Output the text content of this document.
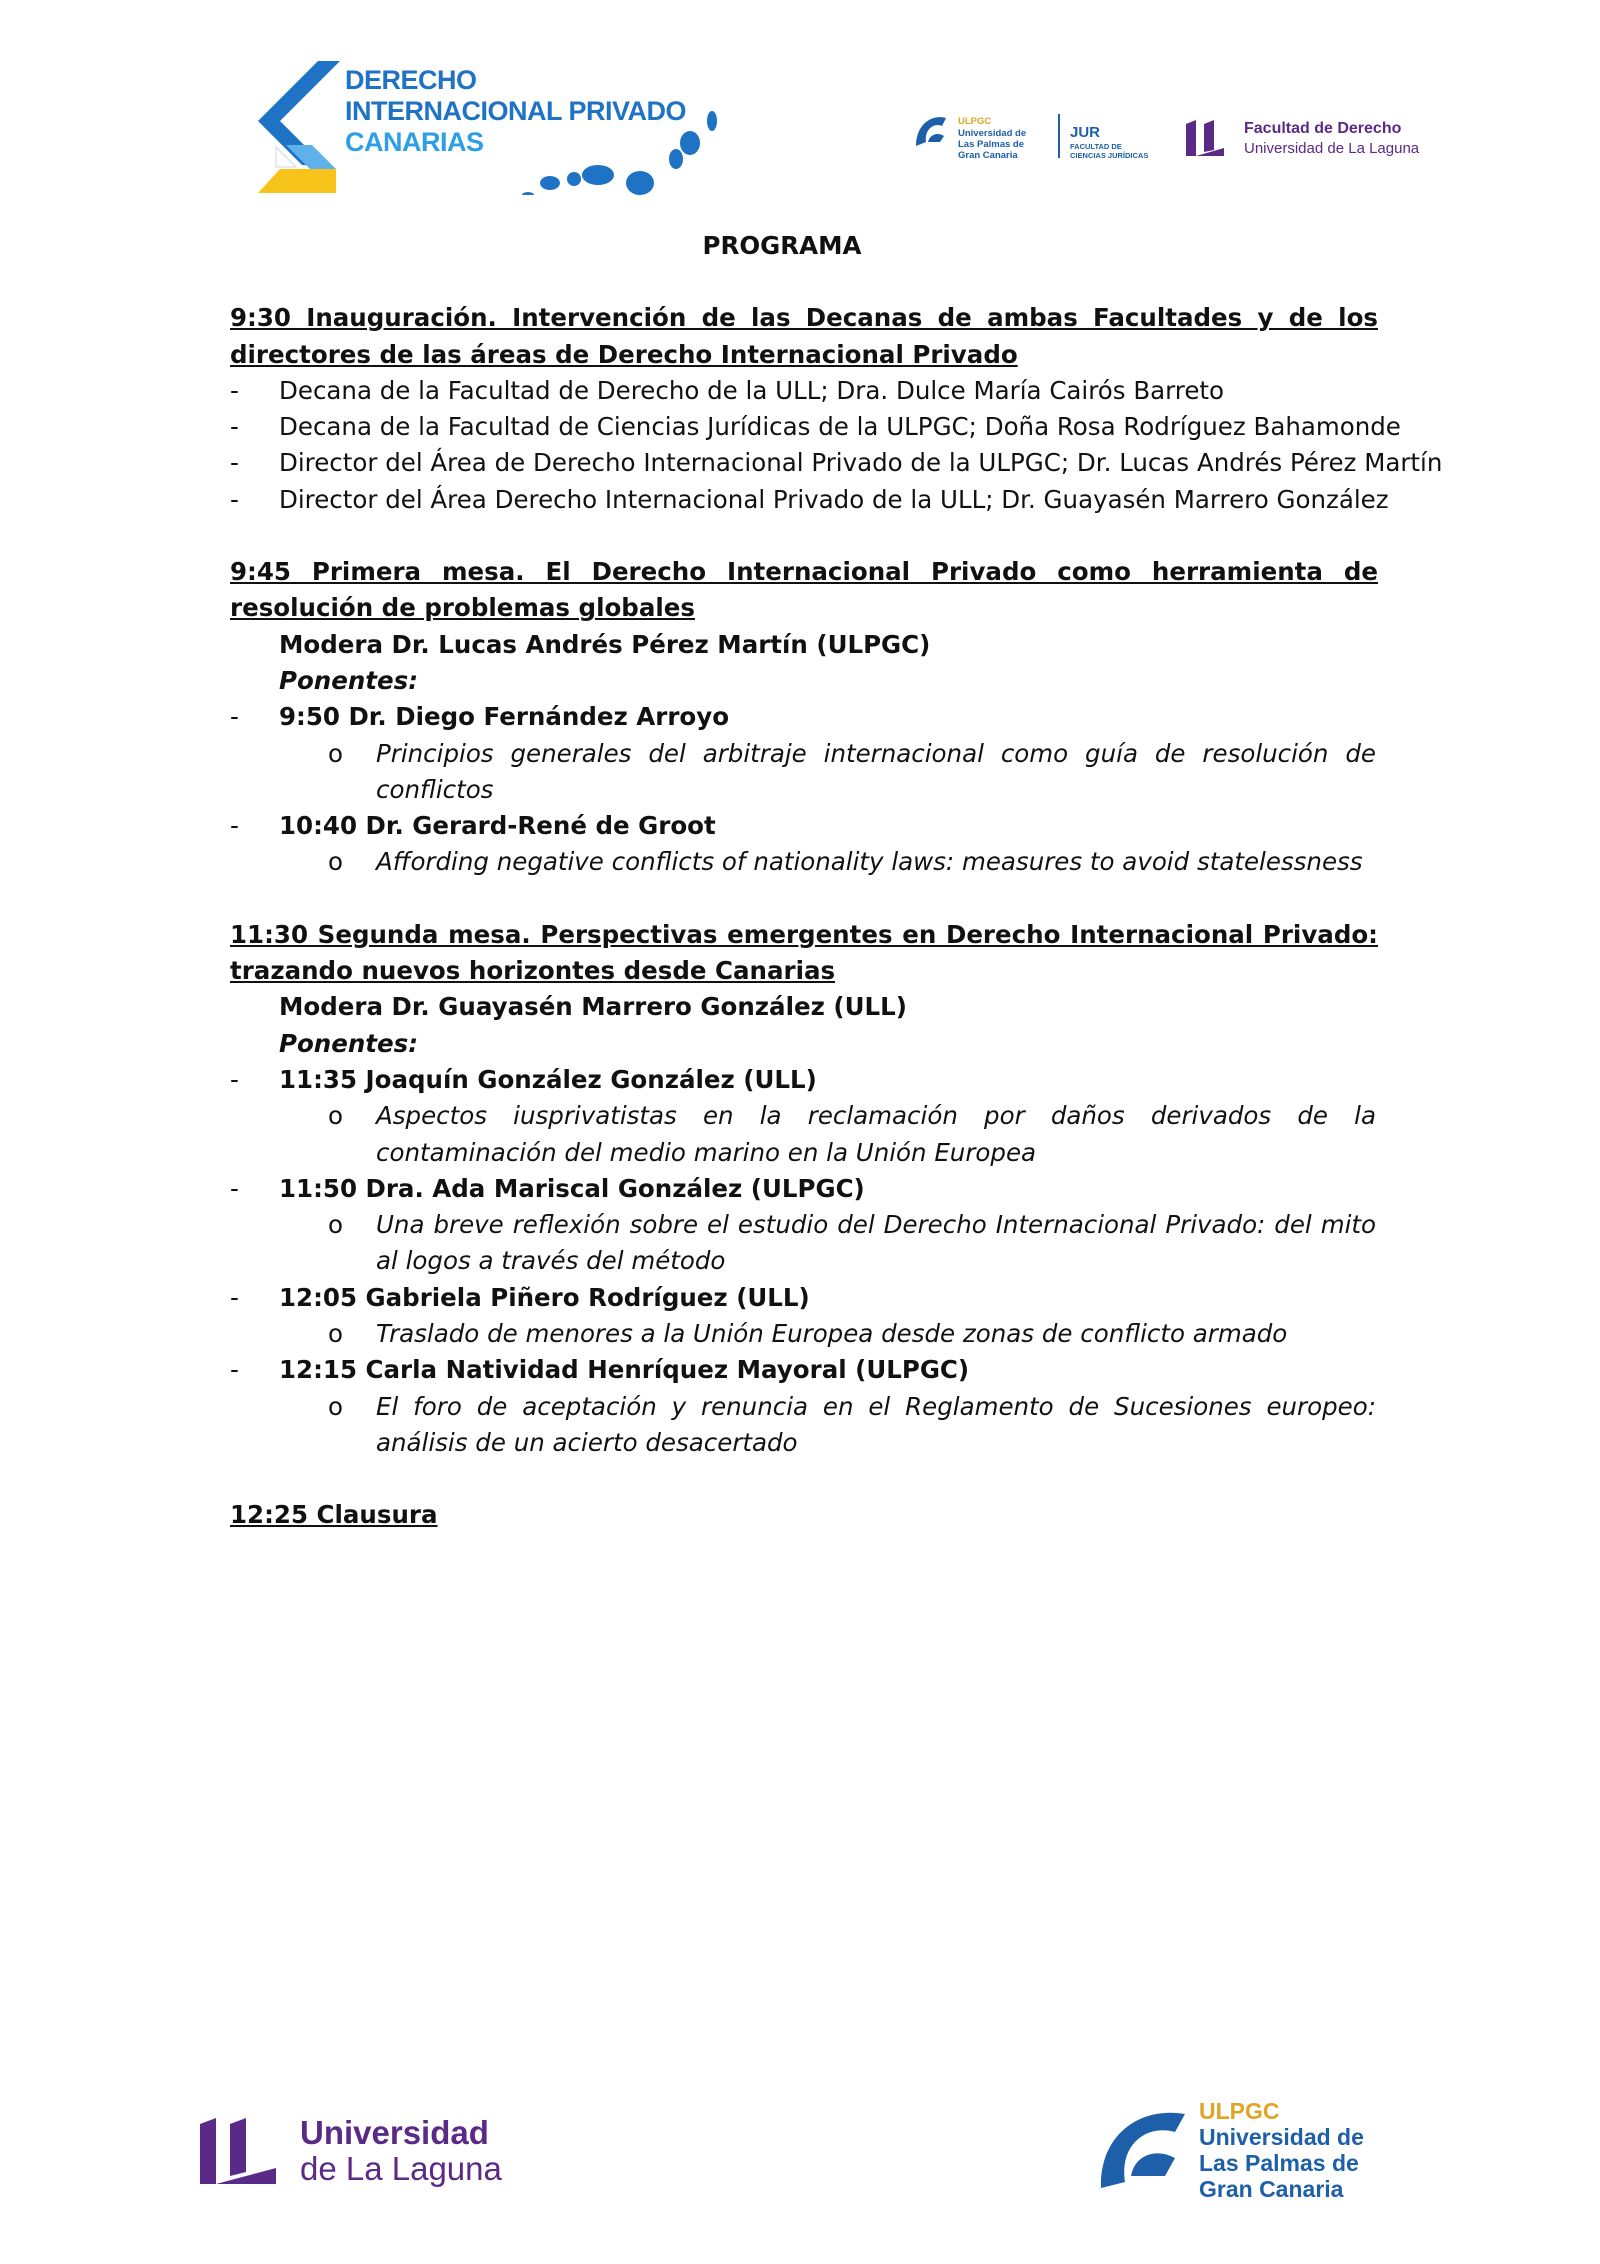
DERECHO
INTERNACIONAL PRIVADO
CANARIAS
ULPGC
Universidad de
Las Palmas de
Gran Canaria
JUR
FACULTAD DE
CIENCIAS JURÍDICAS
Facultad de Derecho
Universidad de La Laguna
PROGRAMA
9:30 Inauguración. Intervención de las Decanas de ambas Facultades y de los directores de las áreas de Derecho Internacional Privado
- Decana de la Facultad de Derecho de la ULL; Dra. Dulce María Cairós Barreto
- Decana de la Facultad de Ciencias Jurídicas de la ULPGC; Doña Rosa Rodríguez Bahamonde
- Director del Área de Derecho Internacional Privado de la ULPGC; Dr. Lucas Andrés Pérez Martín
- Director del Área Derecho Internacional Privado de la ULL; Dr. Guayasén Marrero González
9:45 Primera mesa. El Derecho Internacional Privado como herramienta de resolución de problemas globales
Modera Dr. Lucas Andrés Pérez Martín (ULPGC)
Ponentes:
- 9:50 Dr. Diego Fernández Arroyo
o Principios generales del arbitraje internacional como guía de resolución de conflictos
- 10:40 Dr. Gerard-René de Groot
o Affording negative conflicts of nationality laws: measures to avoid statelessness
11:30 Segunda mesa. Perspectivas emergentes en Derecho Internacional Privado: trazando nuevos horizontes desde Canarias
Modera Dr. Guayasén Marrero González (ULL)
Ponentes:
- 11:35 Joaquín González González (ULL)
o Aspectos iusprivatistas en la reclamación por daños derivados de la contaminación del medio marino en la Unión Europea
- 11:50 Dra. Ada Mariscal González (ULPGC)
o Una breve reflexión sobre el estudio del Derecho Internacional Privado: del mito al logos a través del método
- 12:05 Gabriela Piñero Rodríguez (ULL)
o Traslado de menores a la Unión Europea desde zonas de conflicto armado
- 12:15 Carla Natividad Henríquez Mayoral (ULPGC)
o El foro de aceptación y renuncia en el Reglamento de Sucesiones europeo: análisis de un acierto desacertado
12:25 Clausura
Universidad
de La Laguna
ULPGC
Universidad de
Las Palmas de
Gran Canaria
